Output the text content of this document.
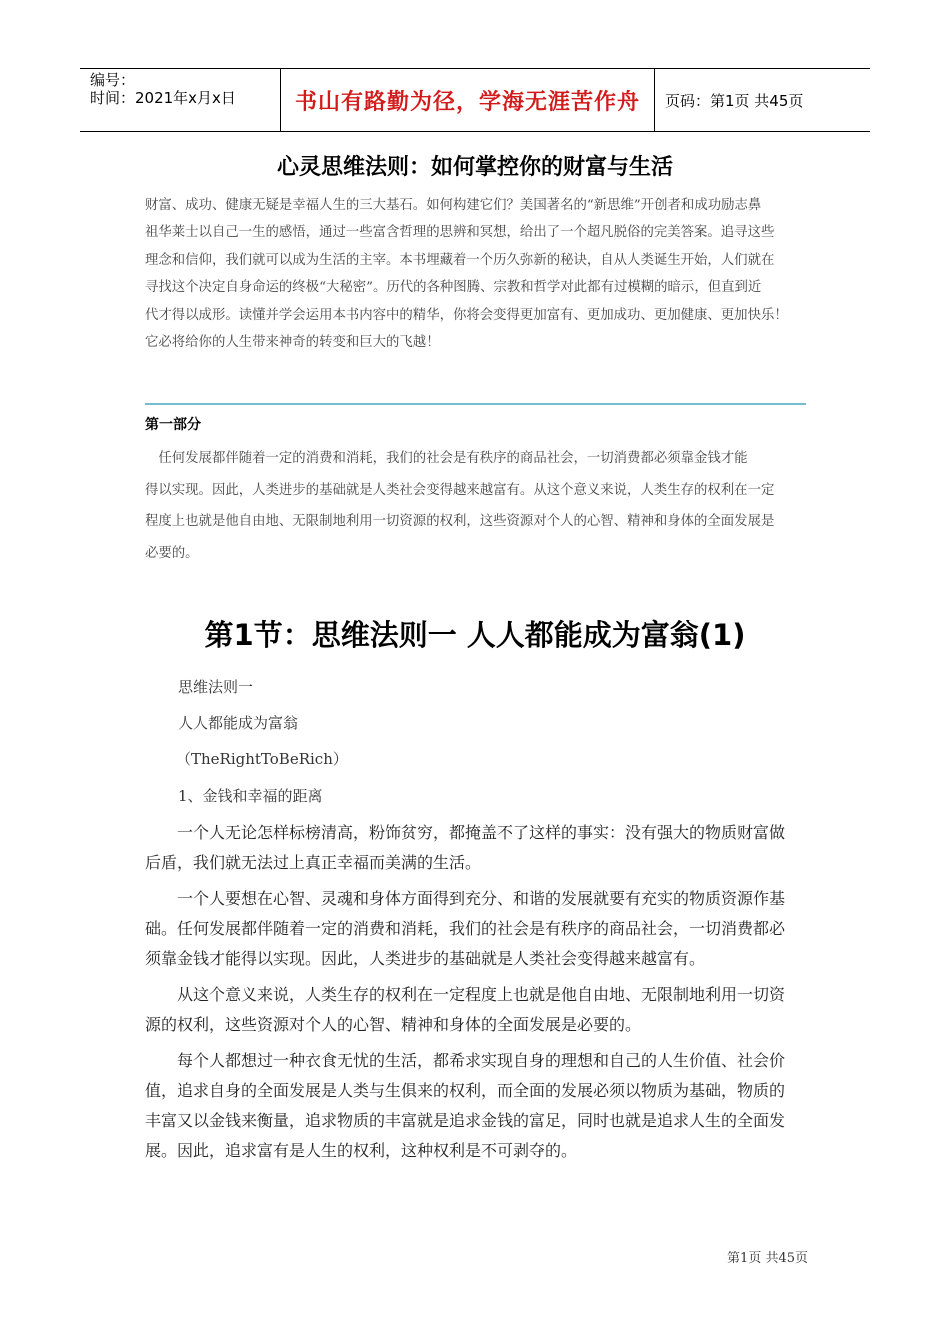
编号：
时间：2021年x月x日	书山有路勤为径，学海无涯苦作舟	页码：第1页 共45页
心灵思维法则：如何掌控你的财富与生活
财富、成功、健康无疑是幸福人生的三大基石。如何构建它们？美国著名的“新思维”开创者和成功励志鼻
祖华莱士以自己一生的感悟，通过一些富含哲理的思辨和冥想，给出了一个超凡脱俗的完美答案。追寻这些
理念和信仰，我们就可以成为生活的主宰。本书埋藏着一个历久弥新的秘诀，自从人类诞生开始，人们就在
寻找这个决定自身命运的终极“大秘密”。历代的各种图腾、宗教和哲学对此都有过模糊的暗示，但直到近
代才得以成形。读懂并学会运用本书内容中的精华，你将会变得更加富有、更加成功、更加健康、更加快乐！
它必将给你的人生带来神奇的转变和巨大的飞越！
第一部分
　任何发展都伴随着一定的消费和消耗，我们的社会是有秩序的商品社会，一切消费都必须靠金钱才能
得以实现。因此，人类进步的基础就是人类社会变得越来越富有。从这个意义来说，人类生存的权利在一定
程度上也就是他自由地、无限制地利用一切资源的权利，这些资源对个人的心智、精神和身体的全面发展是
必要的。
第1节：思维法则一 人人都能成为富翁(1)
思维法则一
人人都能成为富翁
（TheRightToBeRich）
1、金钱和幸福的距离
　　一个人无论怎样标榜清高，粉饰贫穷，都掩盖不了这样的事实：没有强大的物质财富做
后盾，我们就无法过上真正幸福而美满的生活。
　　一个人要想在心智、灵魂和身体方面得到充分、和谐的发展就要有充实的物质资源作基
础。任何发展都伴随着一定的消费和消耗，我们的社会是有秩序的商品社会，一切消费都必
须靠金钱才能得以实现。因此，人类进步的基础就是人类社会变得越来越富有。
　　从这个意义来说，人类生存的权利在一定程度上也就是他自由地、无限制地利用一切资
源的权利，这些资源对个人的心智、精神和身体的全面发展是必要的。
　　每个人都想过一种衣食无忧的生活，都希求实现自身的理想和自己的人生价值、社会价
值，追求自身的全面发展是人类与生俱来的权利，而全面的发展必须以物质为基础，物质的
丰富又以金钱来衡量，追求物质的丰富就是追求金钱的富足，同时也就是追求人生的全面发
展。因此，追求富有是人生的权利，这种权利是不可剥夺的。
第1页 共45页
